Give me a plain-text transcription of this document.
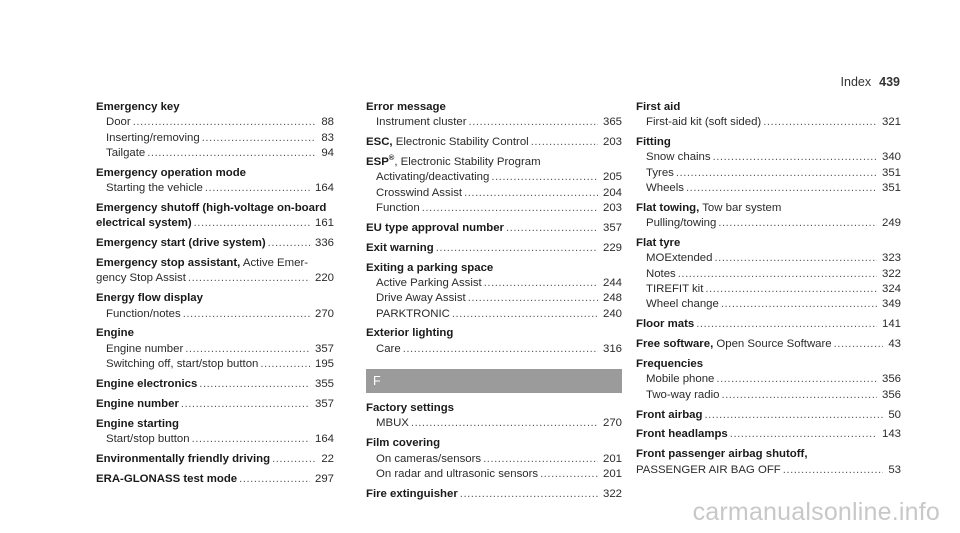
Index 439
Emergency key
Door .....	88
Inserting/removing .....	83
Tailgate .....	94
Emergency operation mode
Starting the vehicle .....	164
Emergency shutoff (high-voltage on-board
electrical system) .....	161
Emergency start (drive system) .....	336
Emergency stop assistant, Active Emer-
gency Stop Assist .....	220
Energy flow display
Function/notes .....	270
Engine
Engine number .....	357
Switching off, start/stop button .....	195
Engine electronics .....	355
Engine number .....	357
Engine starting
Start/stop button .....	164
Environmentally friendly driving .....	22
ERA-GLONASS test mode .....	297
Error message
Instrument cluster .....	365
ESC, Electronic Stability Control .....	203
ESP®, Electronic Stability Program
Activating/deactivating .....	205
Crosswind Assist .....	204
Function .....	203
EU type approval number .....	357
Exit warning .....	229
Exiting a parking space
Active Parking Assist .....	244
Drive Away Assist .....	248
PARKTRONIC .....	240
Exterior lighting
Care .....	316
F
Factory settings
MBUX .....	270
Film covering
On cameras/sensors .....	201
On radar and ultrasonic sensors .....	201
Fire extinguisher .....	322
First aid
First-aid kit (soft sided) .....	321
Fitting
Snow chains .....	340
Tyres .....	351
Wheels .....	351
Flat towing, Tow bar system
Pulling/towing .....	249
Flat tyre
MOExtended .....	323
Notes .....	322
TIREFIT kit .....	324
Wheel change .....	349
Floor mats .....	141
Free software, Open Source Software .....	43
Frequencies
Mobile phone .....	356
Two-way radio .....	356
Front airbag .....	50
Front headlamps .....	143
Front passenger airbag shutoff,
PASSENGER AIR BAG OFF .....	53
carmanualsonline.info
